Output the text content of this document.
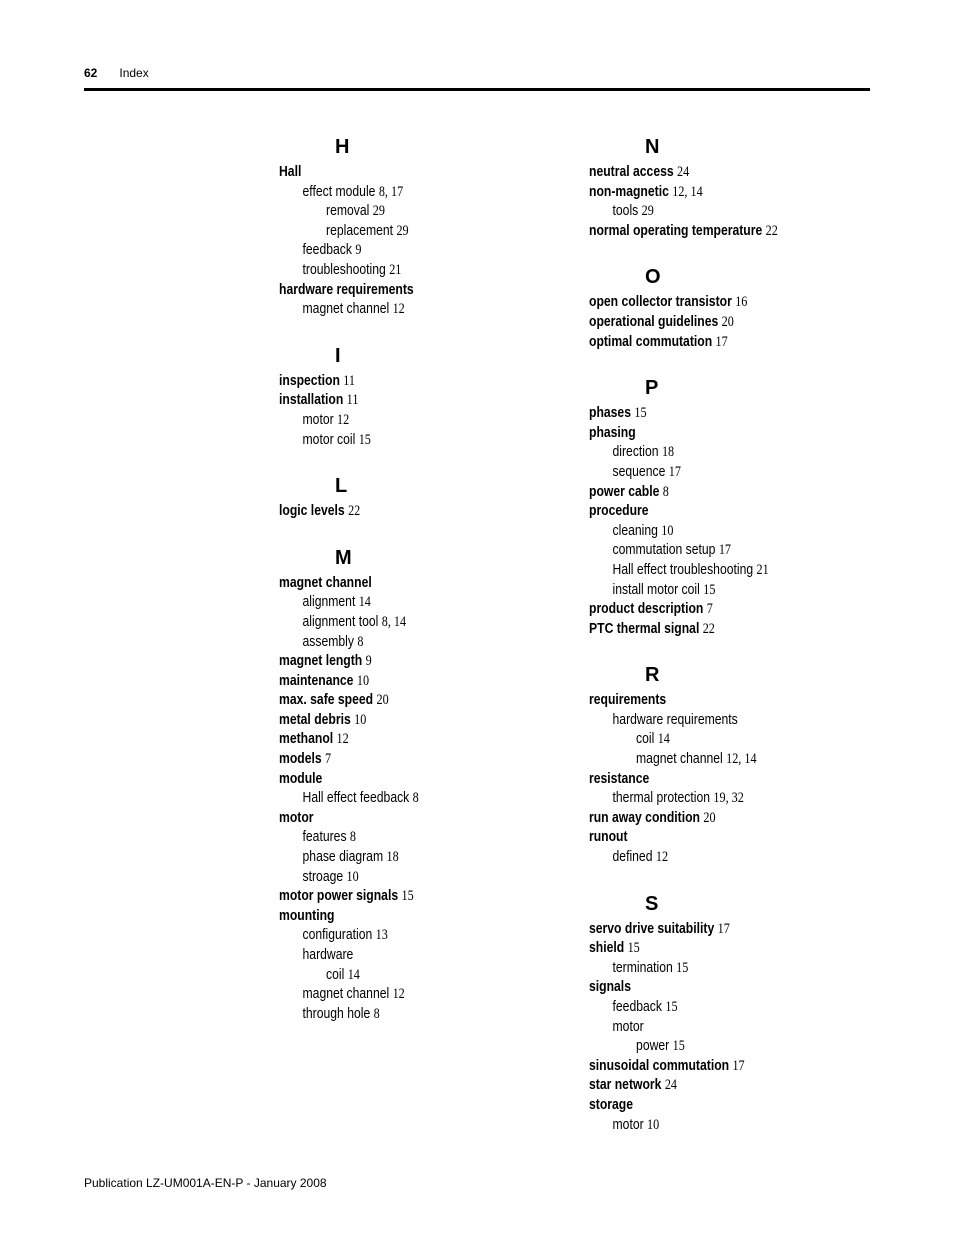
62 Index
H
Hall
effect module 8, 17
removal 29
replacement 29
feedback 9
troubleshooting 21
hardware requirements
magnet channel 12
I
inspection 11
installation 11
motor 12
motor coil 15
L
logic levels 22
M
magnet channel
alignment 14
alignment tool 8, 14
assembly 8
magnet length 9
maintenance 10
max. safe speed 20
metal debris 10
methanol 12
models 7
module
Hall effect feedback 8
motor
features 8
phase diagram 18
stroage 10
motor power signals 15
mounting
configuration 13
hardware
coil 14
magnet channel 12
through hole 8
N
neutral access 24
non-magnetic 12, 14
tools 29
normal operating temperature 22
O
open collector transistor 16
operational guidelines 20
optimal commutation 17
P
phases 15
phasing
direction 18
sequence 17
power cable 8
procedure
cleaning 10
commutation setup 17
Hall effect troubleshooting 21
install motor coil 15
product description 7
PTC thermal signal 22
R
requirements
hardware requirements
coil 14
magnet channel 12, 14
resistance
thermal protection 19, 32
run away condition 20
runout
defined 12
S
servo drive suitability 17
shield 15
termination 15
signals
feedback 15
motor
power 15
sinusoidal commutation 17
star network 24
storage
motor 10
Publication LZ-UM001A-EN-P - January 2008
